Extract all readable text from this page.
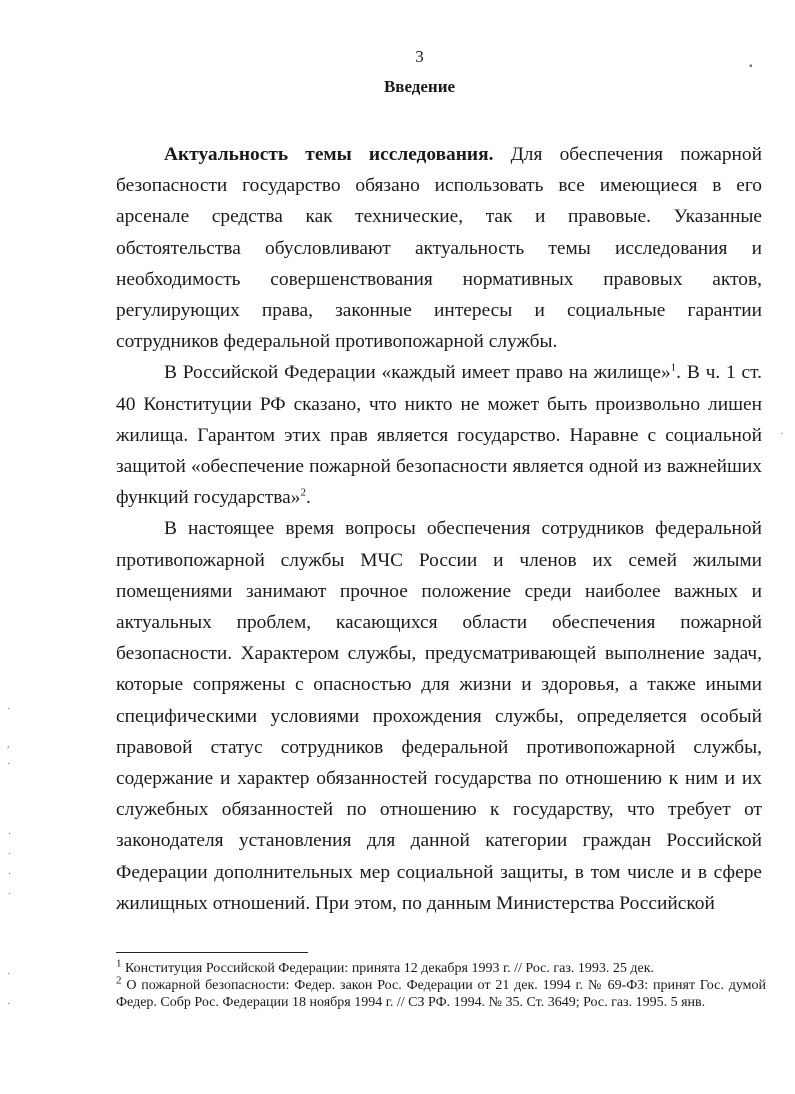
3
Введение

Актуальность темы исследования. Для обеспечения пожарной безопасности государство обязано использовать все имеющиеся в его арсенале средства как технические, так и правовые. Указанные обстоятельства обусловливают актуальность темы исследования и необходимость совершенствования нормативных правовых актов, регулирующих права, законные интересы и социальные гарантии сотрудников федеральной противопожарной службы.

В Российской Федерации «каждый имеет право на жилище»$^1$. В ч. 1 ст. 40 Конституции РФ сказано, что никто не может быть произвольно лишен жилища. Гарантом этих прав является государство. Наравне с социальной защитой «обеспечение пожарной безопасности является одной из важнейших функций государства»$^2$.

В настоящее время вопросы обеспечения сотрудников федеральной противопожарной службы МЧС России и членов их семей жилыми помещениями занимают прочное положение среди наиболее важных и актуальных проблем, касающихся области обеспечения пожарной безопасности. Характером службы, предусматривающей выполнение задач, которые сопряжены с опасностью для жизни и здоровья, а также иными специфическими условиями прохождения службы, определяется особый правовой статус сотрудников федеральной противопожарной службы, содержание и характер обязанностей государства по отношению к ним и их служебных обязанностей по отношению к государству, что требует от законодателя установления для данной категории граждан Российской Федерации дополнительных мер социальной защиты, в том числе и в сфере жилищных отношений. При этом, по данным Министерства Российской

$^1$ Конституция Российской Федерации: принята 12 декабря 1993 г. // Рос. газ. 1993. 25 дек.

$^2$ О пожарной безопасности: Федер. закон Рос. Федерации от 21 дек. 1994 г. № 69-ФЗ: принят Гос. думой Федер. Собр Рос. Федерации 18 ноября 1994 г. // СЗ РФ. 1994. № 35. Ст. 3649; Рос. газ. 1995. 5 янв.

▪
·
,
·
·
·
·
·
·
·
·
